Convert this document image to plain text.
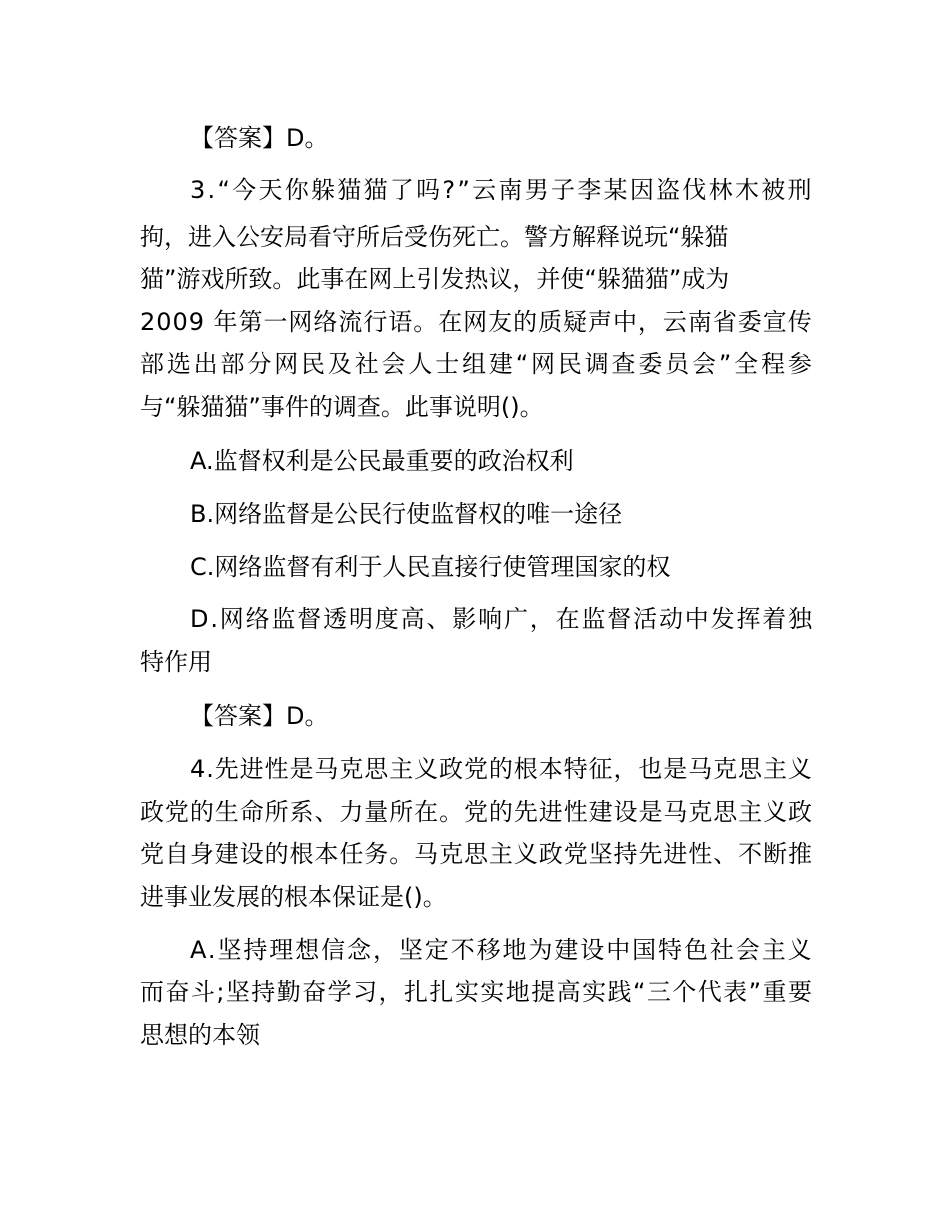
【答案】D。
3.“今天你躲猫猫了吗?”云南男子李某因盗伐林木被刑
拘，进入公安局看守所后受伤死亡。警方解释说玩“躲猫
猫”游戏所致。此事在网上引发热议，并使“躲猫猫”成为
2009 年第一网络流行语。在网友的质疑声中，云南省委宣传
部选出部分网民及社会人士组建“网民调查委员会”全程参
与“躲猫猫”事件的调查。此事说明()。
A.监督权利是公民最重要的政治权利
B.网络监督是公民行使监督权的唯一途径
C.网络监督有利于人民直接行使管理国家的权
D.网络监督透明度高、影响广，在监督活动中发挥着独
特作用
【答案】D。
4.先进性是马克思主义政党的根本特征，也是马克思主义
政党的生命所系、力量所在。党的先进性建设是马克思主义政
党自身建设的根本任务。马克思主义政党坚持先进性、不断推
进事业发展的根本保证是()。
A.坚持理想信念，坚定不移地为建设中国特色社会主义
而奋斗;坚持勤奋学习，扎扎实实地提高实践“三个代表”重要
思想的本领
